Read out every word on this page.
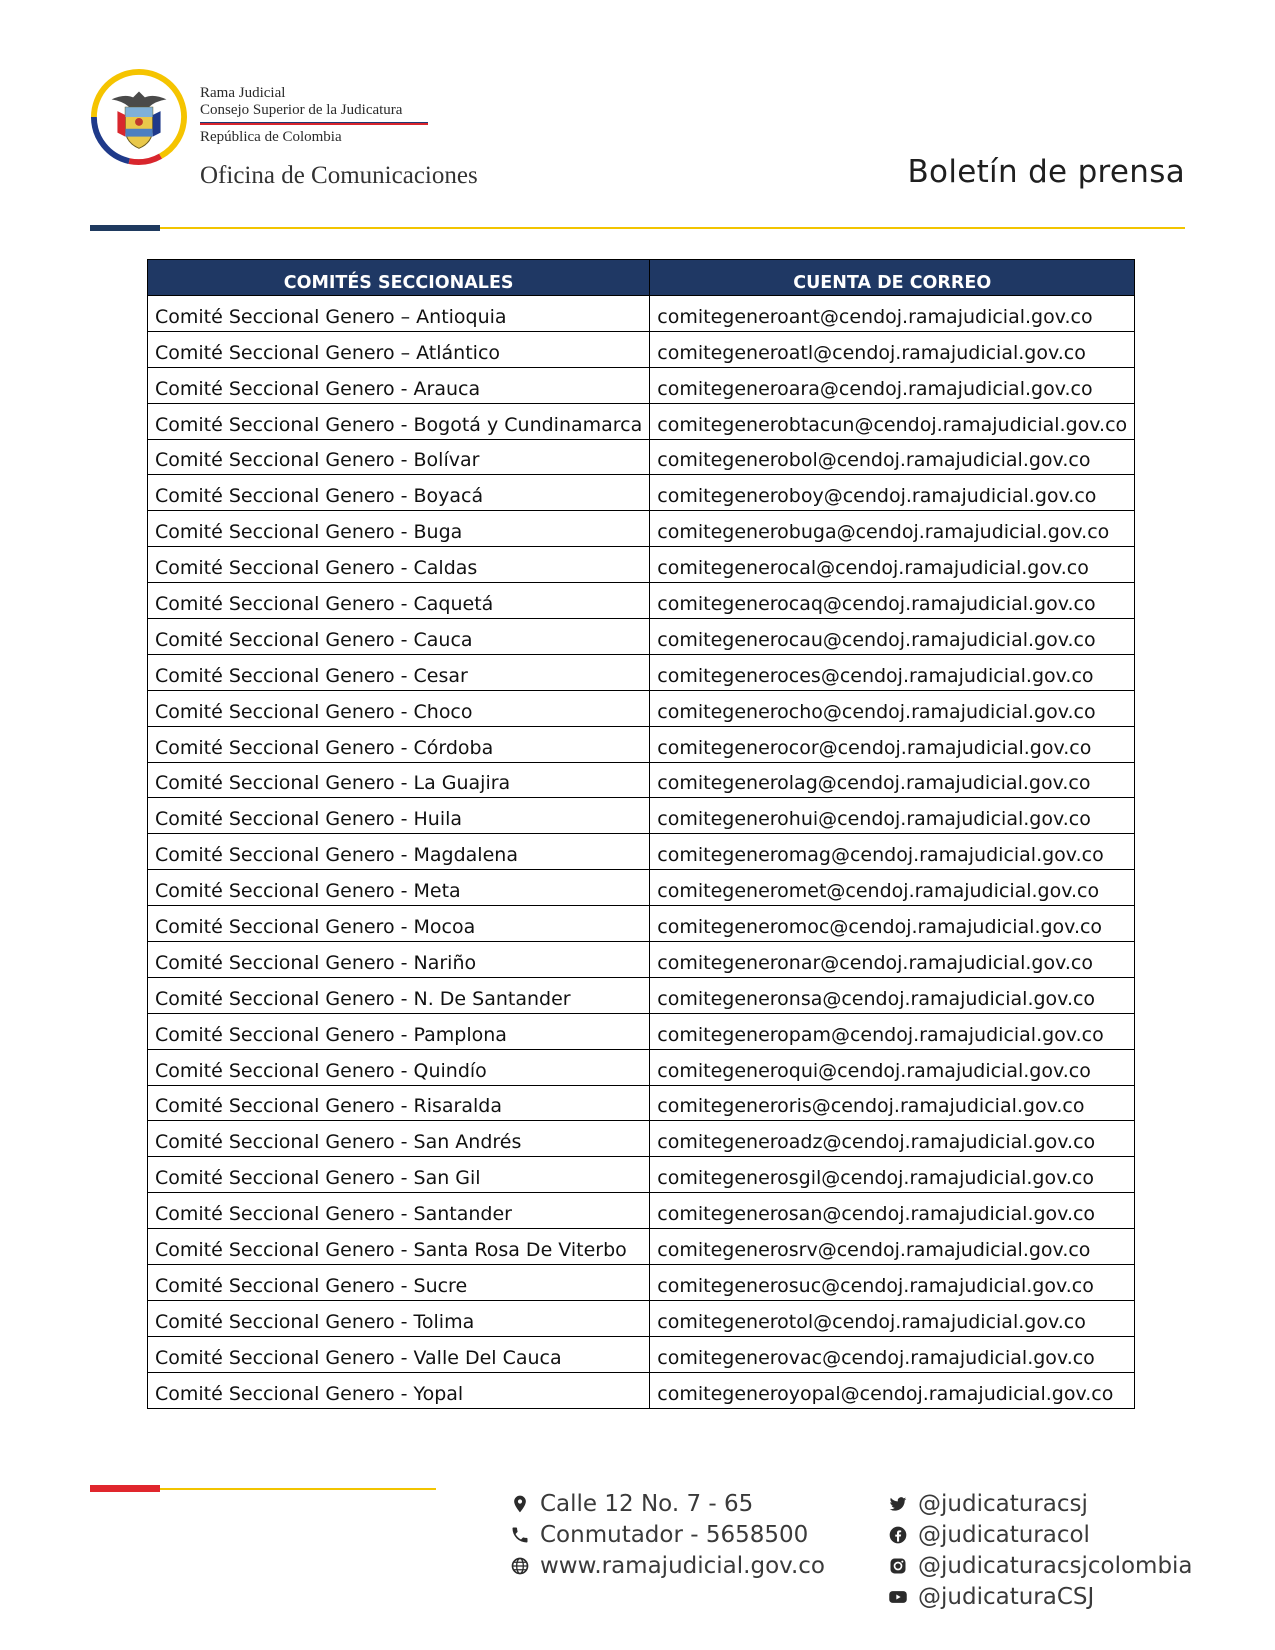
Rama Judicial
Consejo Superior de la Judicatura
República de Colombia
Oficina de Comunicaciones	Boletín de prensa
COMITÉS SECCIONALES	CUENTA DE CORREO
Comité Seccional Genero – Antioquia	comitegeneroant@cendoj.ramajudicial.gov.co
Comité Seccional Genero – Atlántico	comitegeneroatl@cendoj.ramajudicial.gov.co
Comité Seccional Genero - Arauca	comitegeneroara@cendoj.ramajudicial.gov.co
Comité Seccional Genero - Bogotá y Cundinamarca	comitegenerobtacun@cendoj.ramajudicial.gov.co
Comité Seccional Genero - Bolívar	comitegenerobol@cendoj.ramajudicial.gov.co
Comité Seccional Genero - Boyacá	comitegeneroboy@cendoj.ramajudicial.gov.co
Comité Seccional Genero - Buga	comitegenerobuga@cendoj.ramajudicial.gov.co
Comité Seccional Genero - Caldas	comitegenerocal@cendoj.ramajudicial.gov.co
Comité Seccional Genero - Caquetá	comitegenerocaq@cendoj.ramajudicial.gov.co
Comité Seccional Genero - Cauca	comitegenerocau@cendoj.ramajudicial.gov.co
Comité Seccional Genero - Cesar	comitegeneroces@cendoj.ramajudicial.gov.co
Comité Seccional Genero - Choco	comitegenerocho@cendoj.ramajudicial.gov.co
Comité Seccional Genero - Córdoba	comitegenerocor@cendoj.ramajudicial.gov.co
Comité Seccional Genero - La Guajira	comitegenerolag@cendoj.ramajudicial.gov.co
Comité Seccional Genero - Huila	comitegenerohui@cendoj.ramajudicial.gov.co
Comité Seccional Genero - Magdalena	comitegeneromag@cendoj.ramajudicial.gov.co
Comité Seccional Genero - Meta	comitegeneromet@cendoj.ramajudicial.gov.co
Comité Seccional Genero - Mocoa	comitegeneromoc@cendoj.ramajudicial.gov.co
Comité Seccional Genero - Nariño	comitegeneronar@cendoj.ramajudicial.gov.co
Comité Seccional Genero - N. De Santander	comitegeneronsa@cendoj.ramajudicial.gov.co
Comité Seccional Genero - Pamplona	comitegeneropam@cendoj.ramajudicial.gov.co
Comité Seccional Genero - Quindío	comitegeneroqui@cendoj.ramajudicial.gov.co
Comité Seccional Genero - Risaralda	comitegeneroris@cendoj.ramajudicial.gov.co
Comité Seccional Genero - San Andrés	comitegeneroadz@cendoj.ramajudicial.gov.co
Comité Seccional Genero - San Gil	comitegenerosgil@cendoj.ramajudicial.gov.co
Comité Seccional Genero - Santander	comitegenerosan@cendoj.ramajudicial.gov.co
Comité Seccional Genero - Santa Rosa De Viterbo	comitegenerosrv@cendoj.ramajudicial.gov.co
Comité Seccional Genero - Sucre	comitegenerosuc@cendoj.ramajudicial.gov.co
Comité Seccional Genero - Tolima	comitegenerotol@cendoj.ramajudicial.gov.co
Comité Seccional Genero - Valle Del Cauca	comitegenerovac@cendoj.ramajudicial.gov.co
Comité Seccional Genero - Yopal	comitegeneroyopal@cendoj.ramajudicial.gov.co
Calle 12 No. 7 - 65
Conmutador - 5658500
www.ramajudicial.gov.co
@judicaturacsj
@judicaturacol
@judicaturacsjcolombia
@judicaturaCSJ
